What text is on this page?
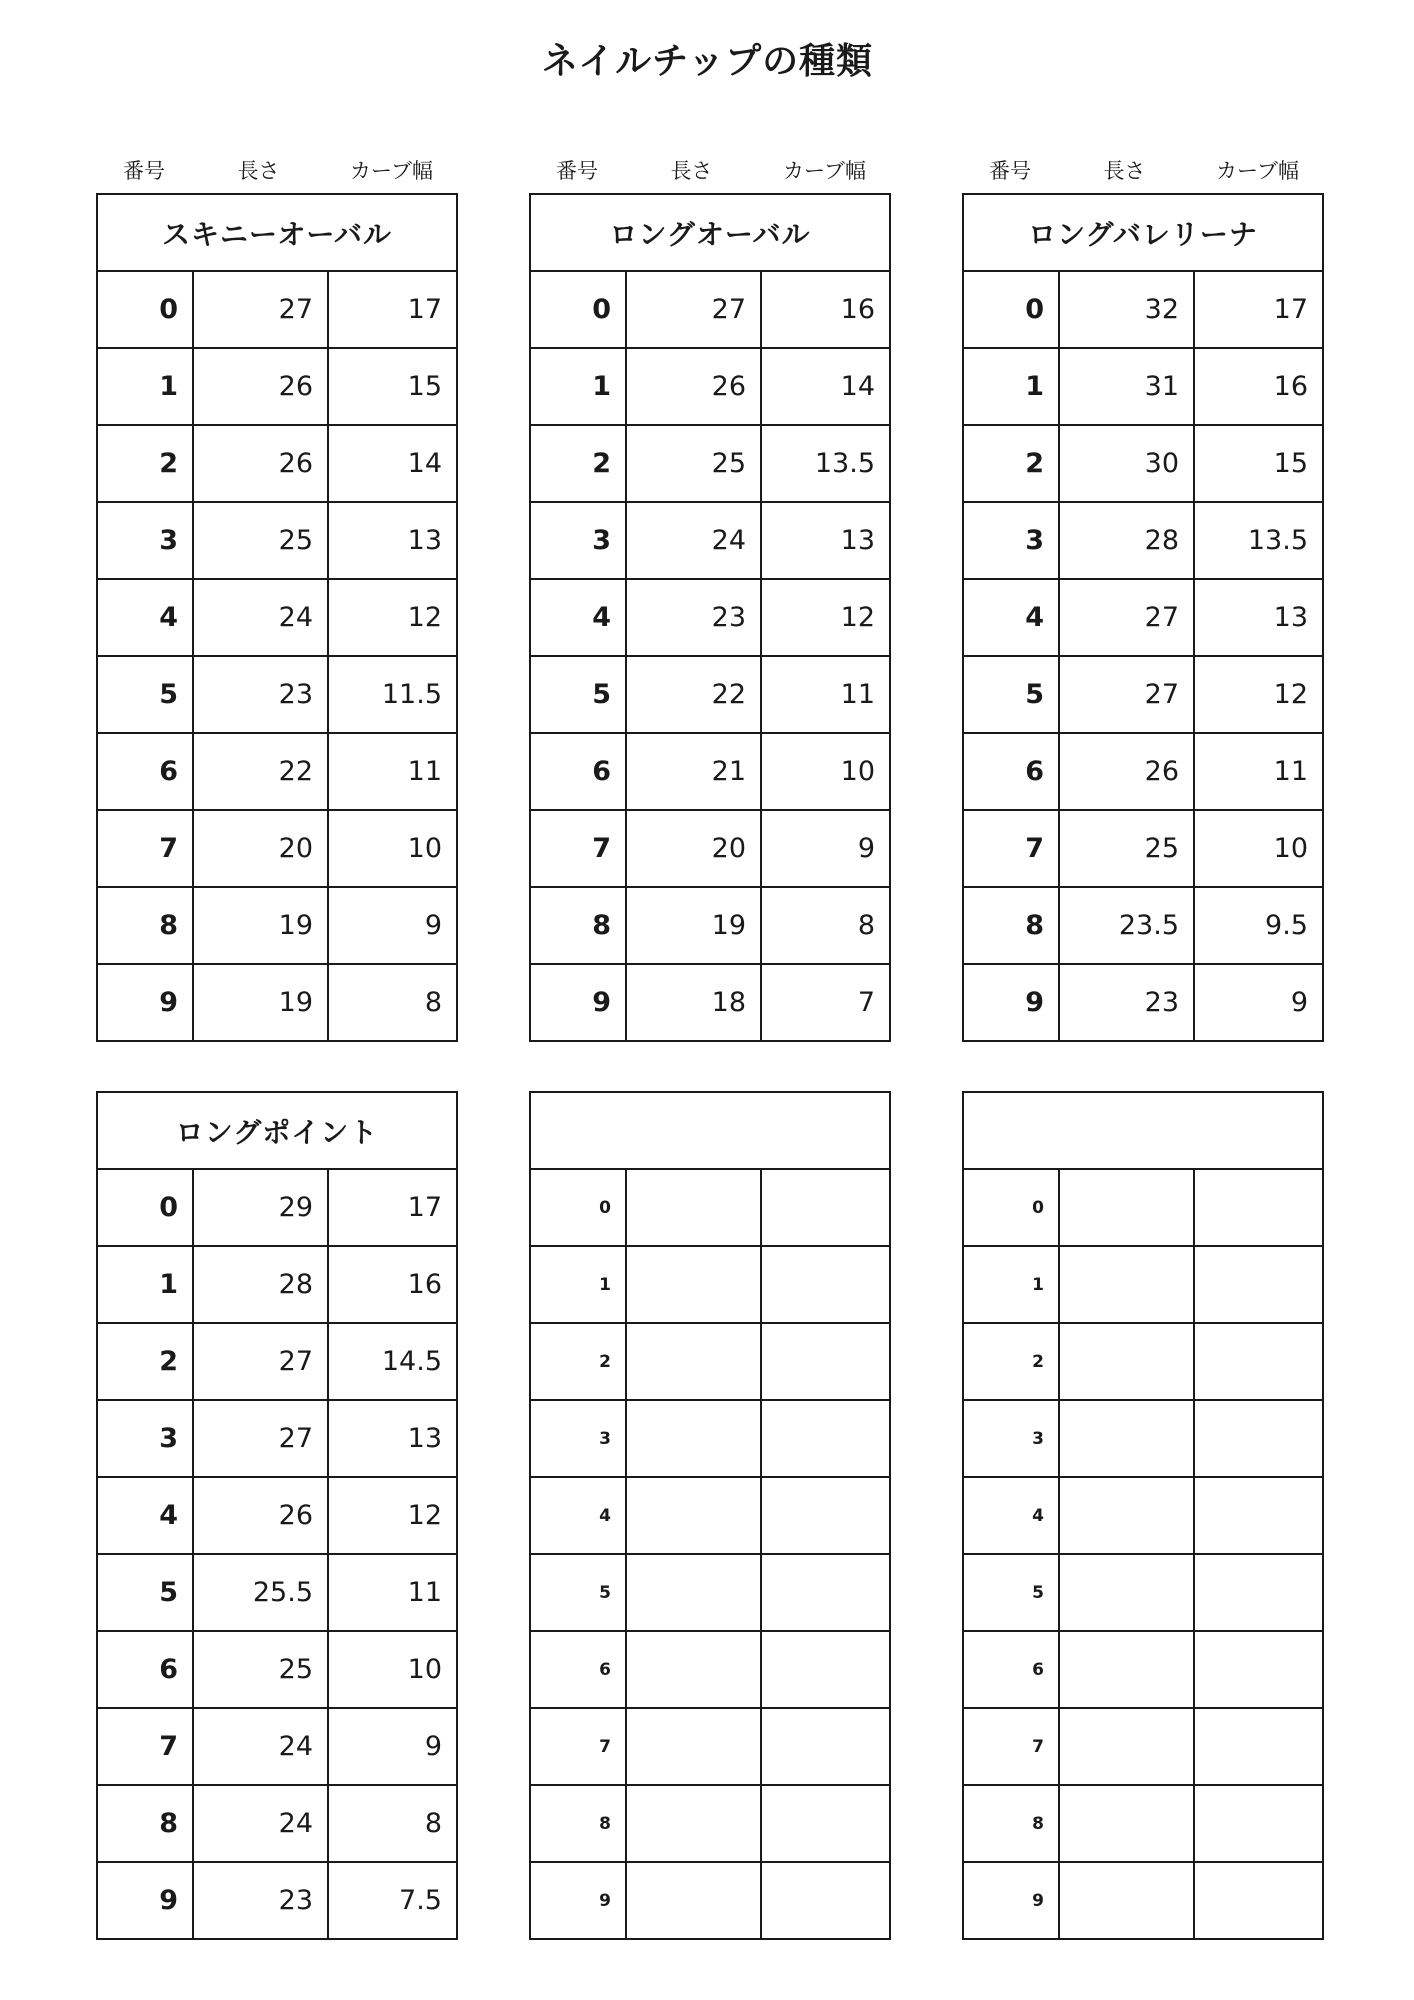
ネイルチップの種類
番号	長さ	カーブ幅
スキニーオーバル
0	27	17
1	26	15
2	26	14
3	25	13
4	24	12
5	23	11.5
6	22	11
7	20	10
8	19	9
9	19	8
番号	長さ	カーブ幅
ロングオーバル
0	27	16
1	26	14
2	25	13.5
3	24	13
4	23	12
5	22	11
6	21	10
7	20	9
8	19	8
9	18	7
番号	長さ	カーブ幅
ロングバレリーナ
0	32	17
1	31	16
2	30	15
3	28	13.5
4	27	13
5	27	12
6	26	11
7	25	10
8	23.5	9.5
9	23	9
ロングポイント
0	29	17
1	28	16
2	27	14.5
3	27	13
4	26	12
5	25.5	11
6	25	10
7	24	9
8	24	8
9	23	7.5
0
1
2
3
4
5
6
7
8
9
0
1
2
3
4
5
6
7
8
9
